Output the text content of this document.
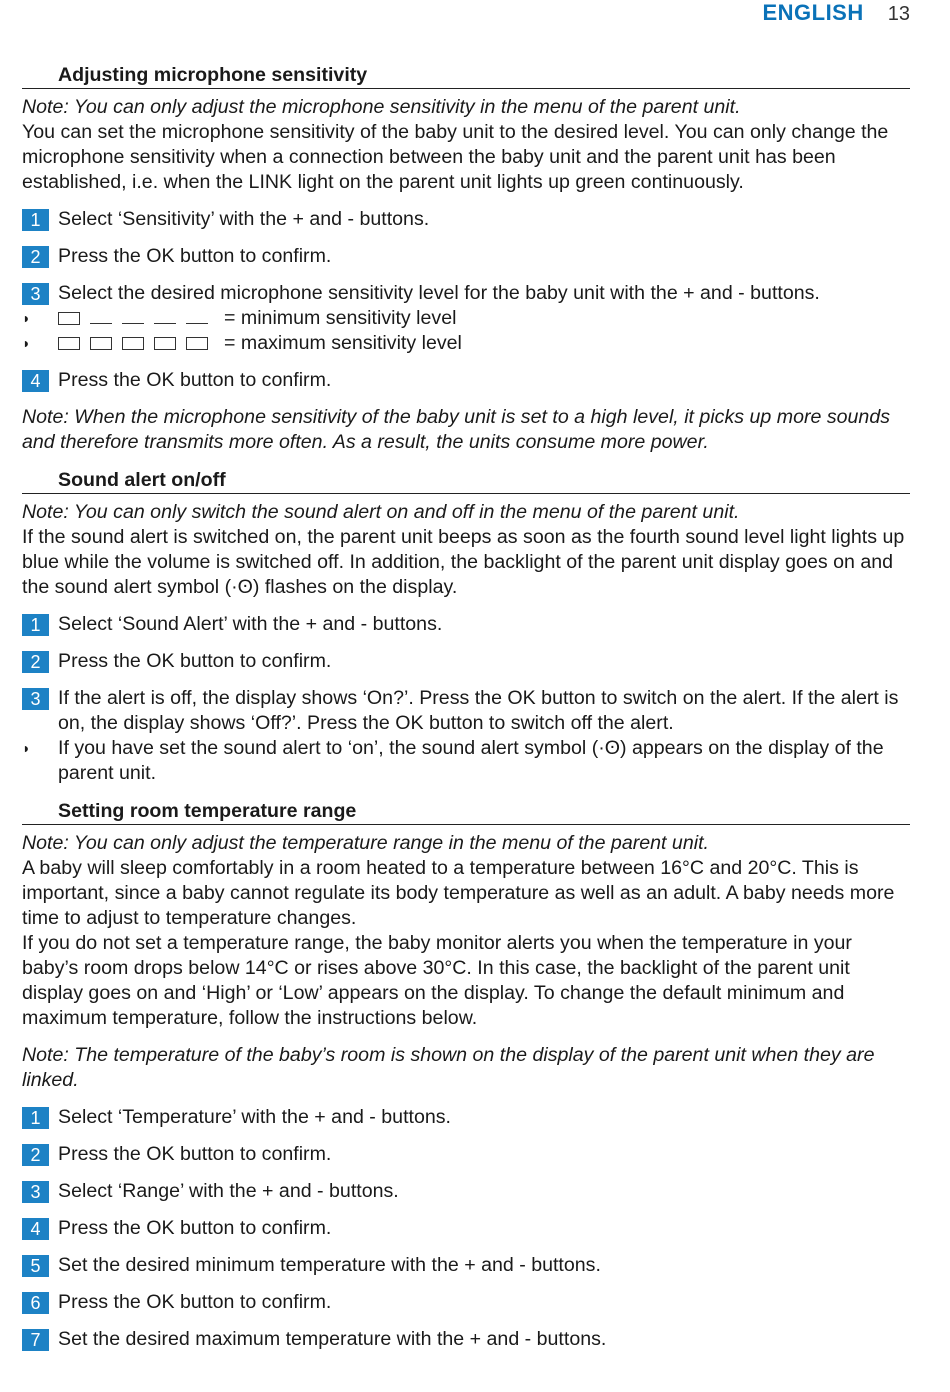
ENGLISH 13
Adjusting microphone sensitivity

Note: You can only adjust the microphone sensitivity in the menu of the parent unit.

You can set the microphone sensitivity of the baby unit to the desired level. You can only change the microphone sensitivity when a connection between the baby unit and the parent unit has been established, i.e. when the LINK light on the parent unit lights up green continuously.

1 Select ‘Sensitivity’ with the + and - buttons.
2 Press the OK button to confirm.
3 Select the desired microphone sensitivity level for the baby unit with the + and - buttons.
◗	= minimum sensitivity level
◗	= maximum sensitivity level
4 Press the OK button to confirm.

Note: When the microphone sensitivity of the baby unit is set to a high level, it picks up more sounds and therefore transmits more often. As a result, the units consume more power.

Sound alert on/off

Note: You can only switch the sound alert on and off in the menu of the parent unit.

If the sound alert is switched on, the parent unit beeps as soon as the fourth sound level light lights up blue while the volume is switched off. In addition, the backlight of the parent unit display goes on and the sound alert symbol (·ʘ) flashes on the display.

1 Select ‘Sound Alert’ with the + and - buttons.
2 Press the OK button to confirm.
3 If the alert is off, the display shows ‘On?’. Press the OK button to switch on the alert. If the alert is on, the display shows ‘Off?’. Press the OK button to switch off the alert.
◗	If you have set the sound alert to ‘on’, the sound alert symbol (·ʘ) appears on the display of the parent unit.
Setting room temperature range

Note: You can only adjust the temperature range in the menu of the parent unit.

A baby will sleep comfortably in a room heated to a temperature between 16°C and 20°C. This is important, since a baby cannot regulate its body temperature as well as an adult. A baby needs more time to adjust to temperature changes.

If you do not set a temperature range, the baby monitor alerts you when the temperature in your baby’s room drops below 14°C or rises above 30°C. In this case, the backlight of the parent unit display goes on and ‘High’ or ‘Low’ appears on the display. To change the default minimum and maximum temperature, follow the instructions below.

Note: The temperature of the baby’s room is shown on the display of the parent unit when they are linked.

1 Select ‘Temperature’ with the + and - buttons.
2 Press the OK button to confirm.
3 Select ‘Range’ with the + and - buttons.
4 Press the OK button to confirm.
5 Set the desired minimum temperature with the + and - buttons.
6 Press the OK button to confirm.
7 Set the desired maximum temperature with the + and - buttons.
